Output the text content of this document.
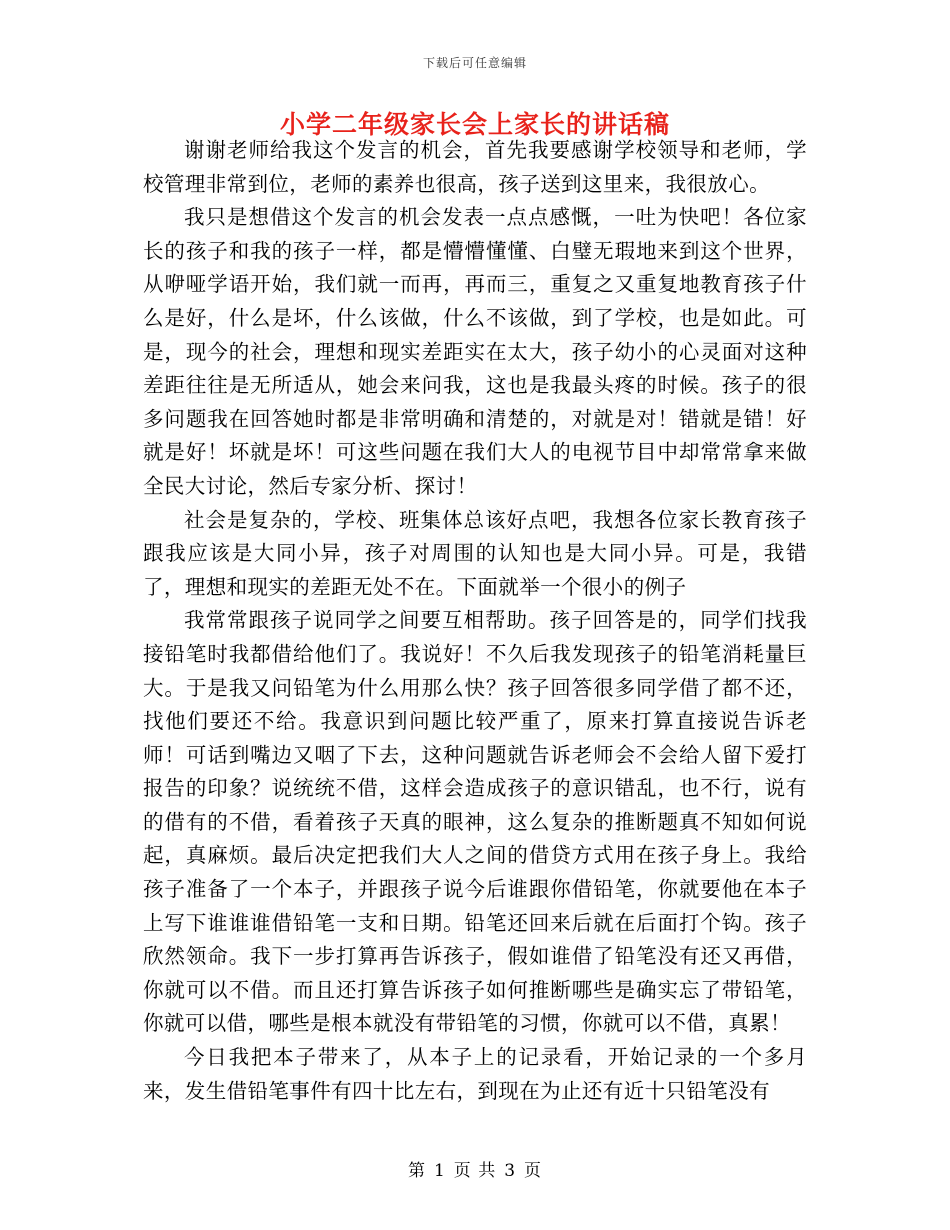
下载后可任意编辑
小学二年级家长会上家长的讲话稿

谢谢老师给我这个发言的机会，首先我要感谢学校领导和老师，学校管理非常到位，老师的素养也很高，孩子送到这里来，我很放心。

我只是想借这个发言的机会发表一点点感慨，一吐为快吧！各位家长的孩子和我的孩子一样，都是懵懵懂懂、白璧无瑕地来到这个世界，从咿哑学语开始，我们就一而再，再而三，重复之又重复地教育孩子什么是好，什么是坏，什么该做，什么不该做，到了学校，也是如此。可是，现今的社会，理想和现实差距实在太大，孩子幼小的心灵面对这种差距往往是无所适从，她会来问我，这也是我最头疼的时候。孩子的很多问题我在回答她时都是非常明确和清楚的，对就是对！错就是错！好就是好！坏就是坏！可这些问题在我们大人的电视节目中却常常拿来做全民大讨论，然后专家分析、探讨！

社会是复杂的，学校、班集体总该好点吧，我想各位家长教育孩子跟我应该是大同小异，孩子对周围的认知也是大同小异。可是，我错了，理想和现实的差距无处不在。下面就举一个很小的例子

我常常跟孩子说同学之间要互相帮助。孩子回答是的，同学们找我接铅笔时我都借给他们了。我说好！不久后我发现孩子的铅笔消耗量巨大。于是我又问铅笔为什么用那么快？孩子回答很多同学借了都不还，找他们要还不给。我意识到问题比较严重了，原来打算直接说告诉老师！可话到嘴边又咽了下去，这种问题就告诉老师会不会给人留下爱打报告的印象？说统统不借，这样会造成孩子的意识错乱，也不行，说有的借有的不借，看着孩子天真的眼神，这么复杂的推断题真不知如何说起，真麻烦。最后决定把我们大人之间的借贷方式用在孩子身上。我给孩子准备了一个本子，并跟孩子说今后谁跟你借铅笔，你就要他在本子上写下谁谁谁借铅笔一支和日期。铅笔还回来后就在后面打个钩。孩子欣然领命。我下一步打算再告诉孩子，假如谁借了铅笔没有还又再借，你就可以不借。而且还打算告诉孩子如何推断哪些是确实忘了带铅笔，你就可以借，哪些是根本就没有带铅笔的习惯，你就可以不借，真累！

今日我把本子带来了，从本子上的记录看，开始记录的一个多月来，发生借铅笔事件有四十比左右，到现在为止还有近十只铅笔没有

第 1 页 共 3 页
